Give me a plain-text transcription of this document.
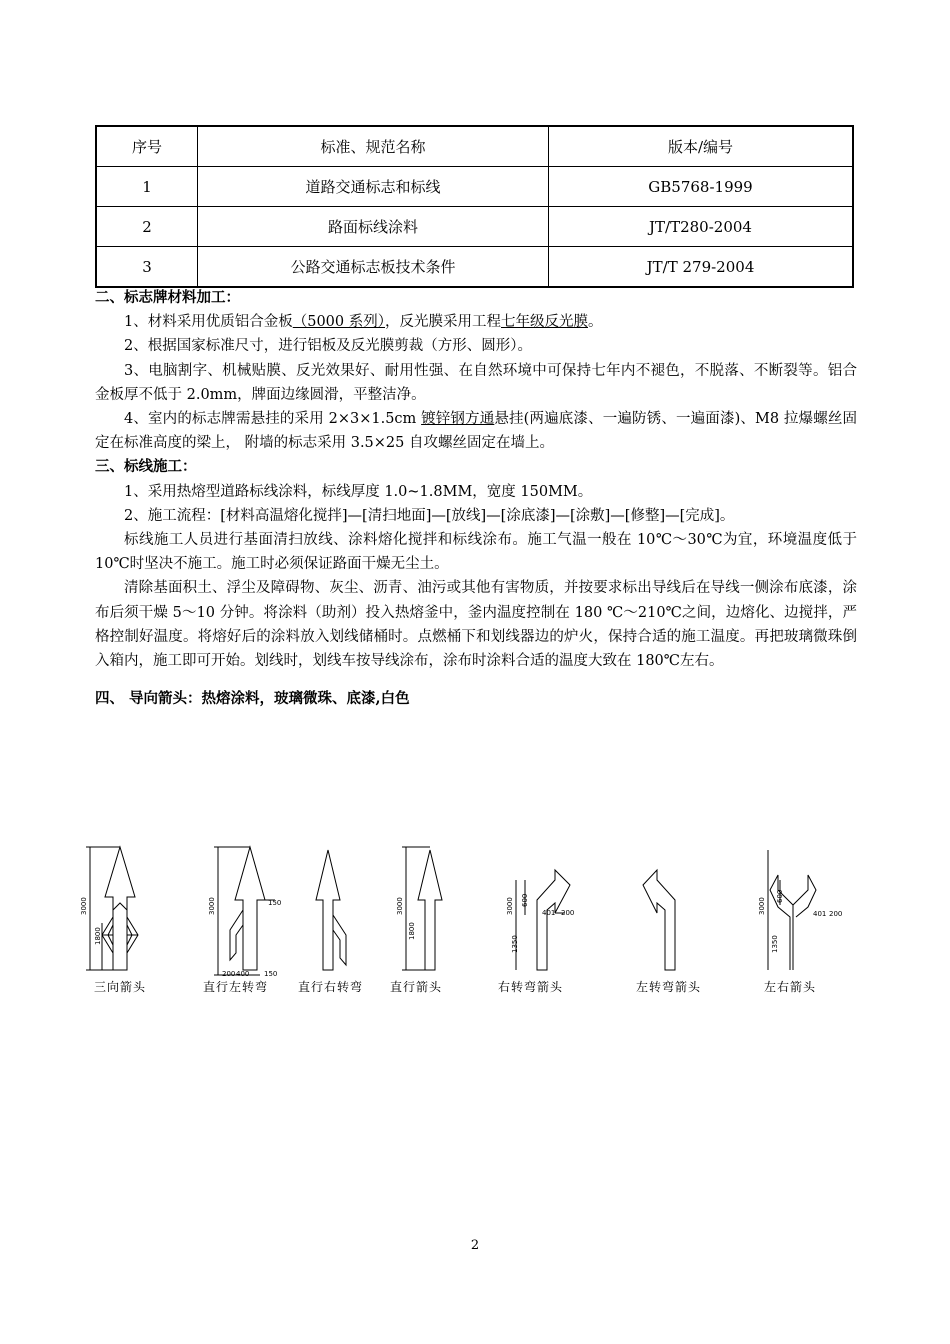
序号	标准、规范名称	版本/编号
1	道路交通标志和标线	GB5768-1999
2	路面标线涂料	JT/T280-2004
3	公路交通标志板技术条件	JT/T 279-2004

二、标志牌材料加工：

1、材料采用优质铝合金板（5000 系列），反光膜采用工程七年级反光膜。

2、根据国家标准尺寸，进行铝板及反光膜剪裁（方形、圆形）。

3、电脑割字、机械贴膜、反光效果好、耐用性强、在自然环境中可保持七年内不褪色，不脱落、不断裂等。铝合金板厚不低于 2.0mm，牌面边缘圆滑，平整洁净。

4、室内的标志牌需悬挂的采用 2×3×1.5cm 镀锌钢方通悬挂(两遍底漆、一遍防锈、一遍面漆)、M8 拉爆螺丝固定在标准高度的梁上， 附墙的标志采用 3.5×25 自攻螺丝固定在墙上。

三、标线施工：

1、采用热熔型道路标线涂料，标线厚度 1.0~1.8MM，宽度 150MM。

2、施工流程：[材料高温熔化搅拌]—[清扫地面]—[放线]—[涂底漆]—[涂敷]—[修整]—[完成]。

标线施工人员进行基面清扫放线、涂料熔化搅拌和标线涂布。施工气温一般在 10℃～30℃为宜，环境温度低于 10℃时坚决不施工。施工时必须保证路面干燥无尘土。

清除基面积土、浮尘及障碍物、灰尘、沥青、油污或其他有害物质，并按要求标出导线后在导线一侧涂布底漆，涂布后须干燥 5～10 分钟。将涂料（助剂）投入热熔釜中，釜内温度控制在 180 ℃～210℃之间，边熔化、边搅拌，严格控制好温度。将熔好后的涂料放入划线储桶时。点燃桶下和划线器边的炉火，保持合适的施工温度。再把玻璃微珠倒入箱内，施工即可开始。划线时，划线车按导线涂布，涂布时涂料合适的温度大致在 180℃左右。

四、 导向箭头：热熔涂料，玻璃微珠、底漆,白色

3000
1800
3000	150
200 400 150
3000
1800
3000 600
1350
401 200	3000
600
1350
401 200
三向箭头	直行左转弯 直行右转弯 直行箭头	右转弯箭头	左转弯箭头	左右箭头
2
